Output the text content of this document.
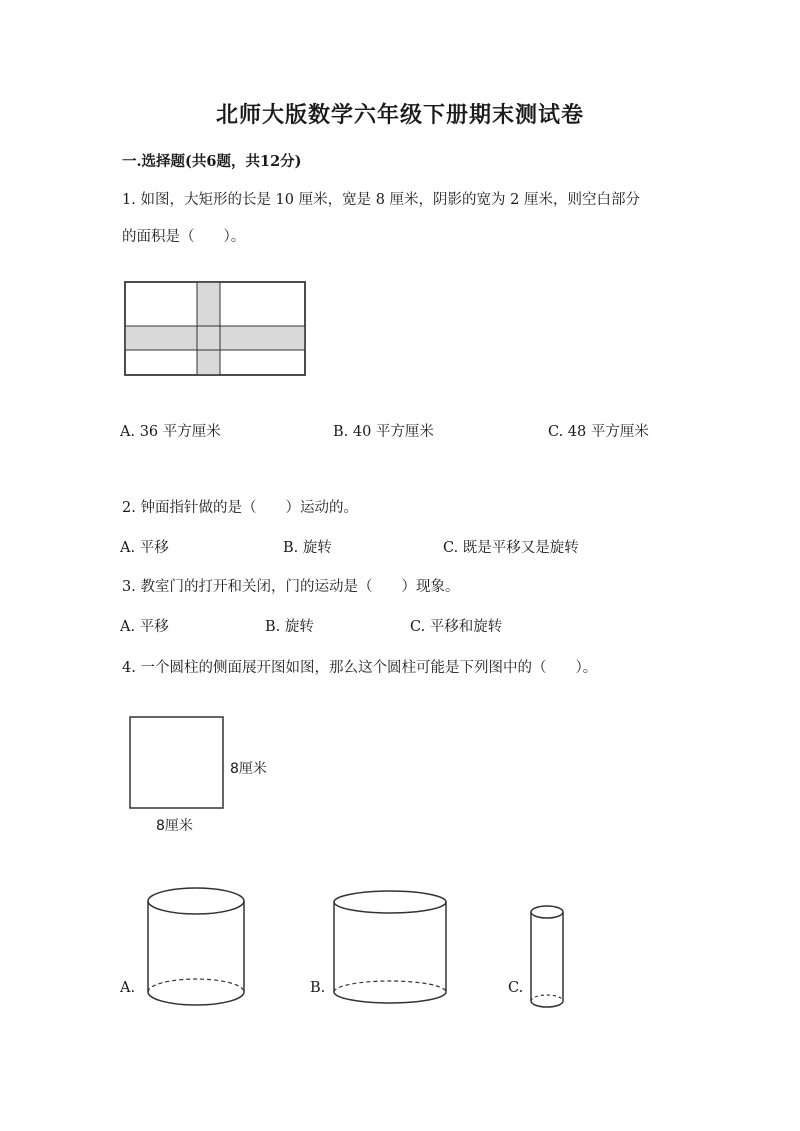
北师大版数学六年级下册期末测试卷
一.选择题(共6题，共12分)
1. 如图，大矩形的长是 10 厘米，宽是 8 厘米，阴影的宽为 2 厘米，则空白部分
的面积是（　　）。
A. 36 平方厘米	B. 40 平方厘米	C. 48 平方厘米
2. 钟面指针做的是（　　）运动的。
A. 平移	B. 旋转	C. 既是平移又是旋转
3. 教室门的打开和关闭，门的运动是（　　）现象。
A. 平移	B. 旋转	C. 平移和旋转
4. 一个圆柱的侧面展开图如图，那么这个圆柱可能是下列图中的（　　）。
8厘米
8厘米
A.	B.	C.
